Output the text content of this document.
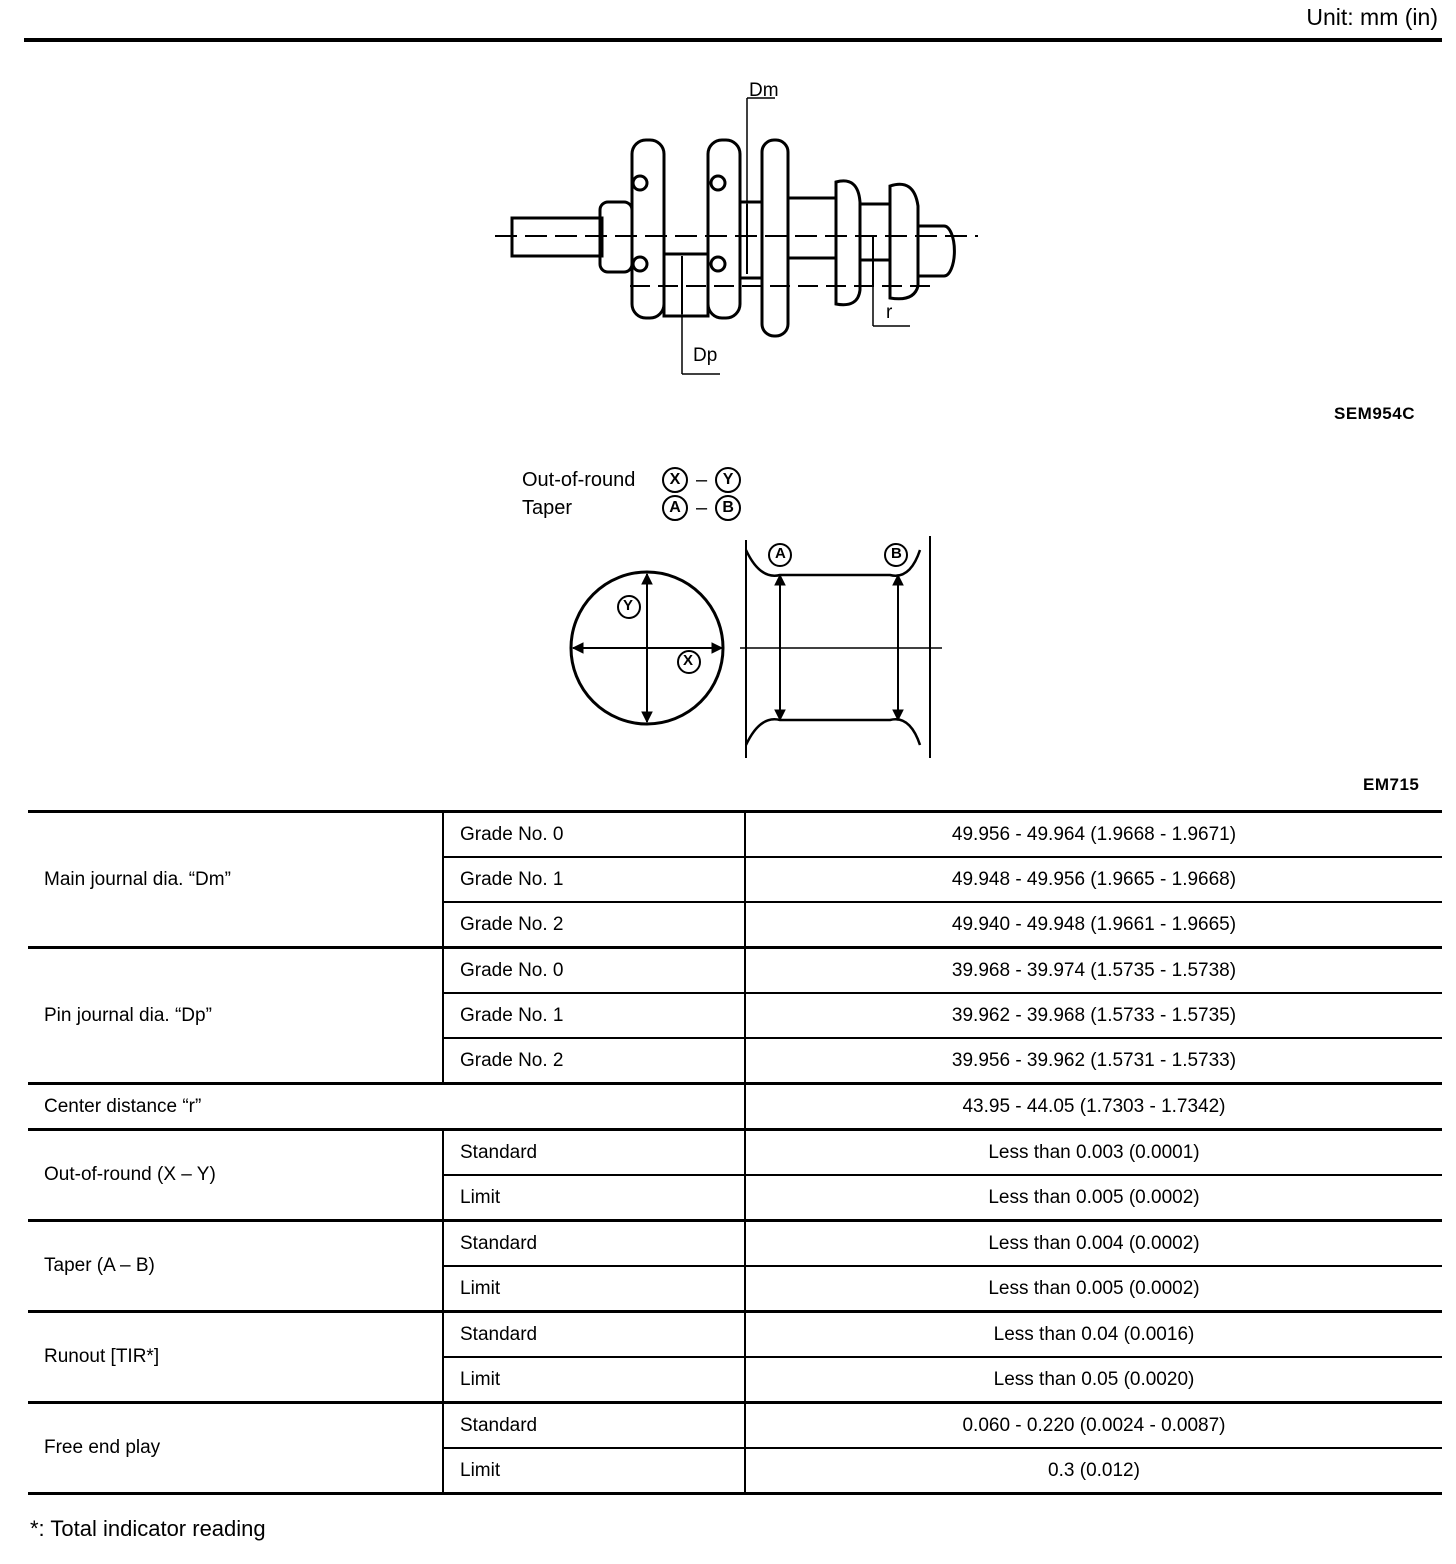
Unit: mm (in)
Dm
Dp
r
SEM954C
Out-of-round	X – Y
Taper	A – B
Y
X
A	B
EM715
Main journal dia. “Dm”	Grade No. 0	49.956 - 49.964 (1.9668 - 1.9671)
	Grade No. 1	49.948 - 49.956 (1.9665 - 1.9668)
	Grade No. 2	49.940 - 49.948 (1.9661 - 1.9665)
Pin journal dia. “Dp”	Grade No. 0	39.968 - 39.974 (1.5735 - 1.5738)
	Grade No. 1	39.962 - 39.968 (1.5733 - 1.5735)
	Grade No. 2	39.956 - 39.962 (1.5731 - 1.5733)
Center distance “r”		43.95 - 44.05 (1.7303 - 1.7342)
Out-of-round (X – Y)	Standard	Less than 0.003 (0.0001)
	Limit	Less than 0.005 (0.0002)
Taper (A – B)	Standard	Less than 0.004 (0.0002)
	Limit	Less than 0.005 (0.0002)
Runout [TIR*]	Standard	Less than 0.04 (0.0016)
	Limit	Less than 0.05 (0.0020)
Free end play	Standard	0.060 - 0.220 (0.0024 - 0.0087)
	Limit	0.3 (0.012)
*: Total indicator reading
